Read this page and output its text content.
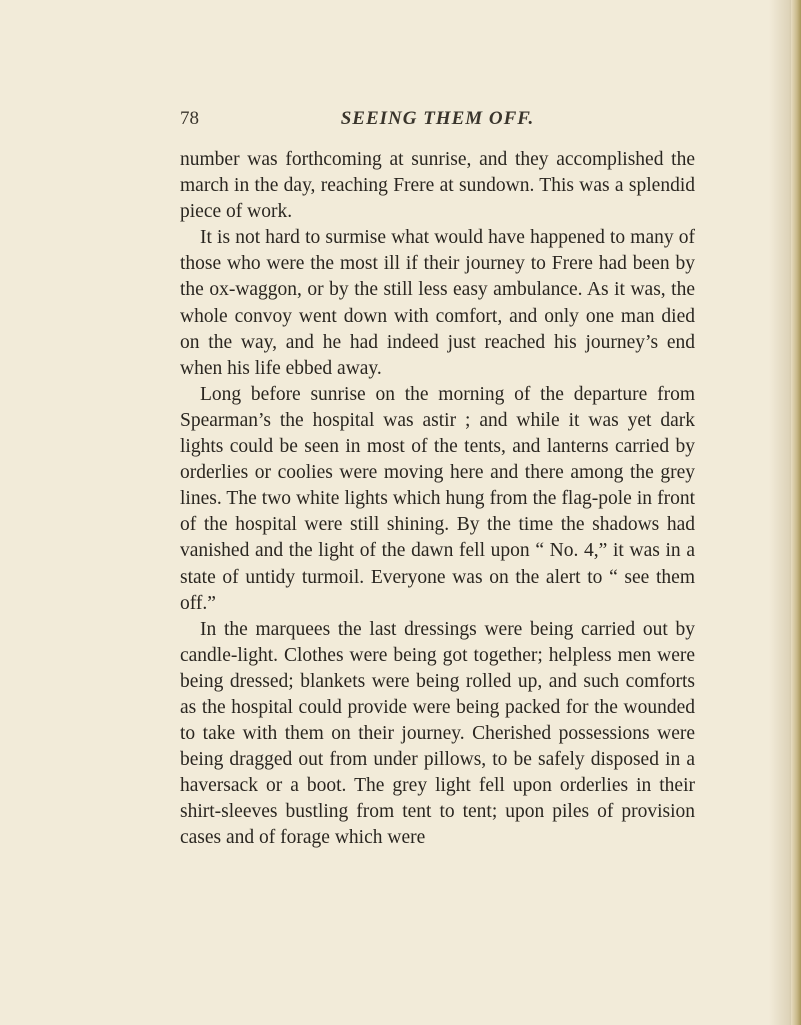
78	SEEING THEM OFF.

number was forthcoming at sunrise, and they accomplished the march in the day, reaching Frere at sundown. This was a splendid piece of work.

It is not hard to surmise what would have happened to many of those who were the most ill if their journey to Frere had been by the ox-waggon, or by the still less easy ambulance. As it was, the whole convoy went down with comfort, and only one man died on the way, and he had indeed just reached his journey’s end when his life ebbed away.

Long before sunrise on the morning of the departure from Spearman’s the hospital was astir ; and while it was yet dark lights could be seen in most of the tents, and lanterns carried by orderlies or coolies were moving here and there among the grey lines. The two white lights which hung from the flag-pole in front of the hospital were still shining. By the time the shadows had vanished and the light of the dawn fell upon “ No. 4,” it was in a state of untidy turmoil. Everyone was on the alert to “ see them off.”

In the marquees the last dressings were being carried out by candle-light. Clothes were being got together; helpless men were being dressed; blankets were being rolled up, and such comforts as the hospital could provide were being packed for the wounded to take with them on their journey. Cherished possessions were being dragged out from under pillows, to be safely disposed in a haversack or a boot. The grey light fell upon orderlies in their shirt-sleeves bustling from tent to tent; upon piles of provision cases and of forage which were
